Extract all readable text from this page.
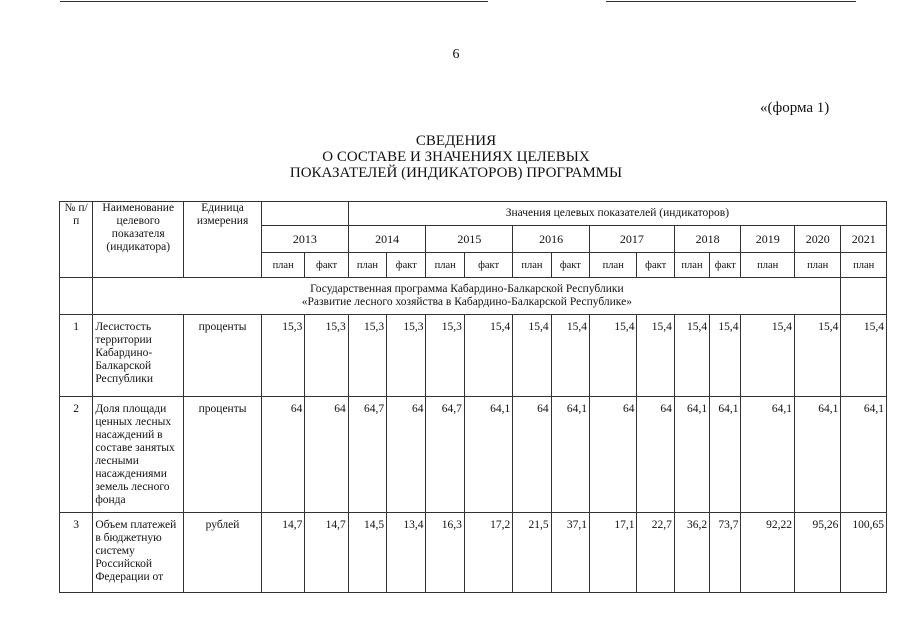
6
«(форма 1)
СВЕДЕНИЯ
О СОСТАВЕ И ЗНАЧЕНИЯХ ЦЕЛЕВЫХ
ПОКАЗАТЕЛЕЙ (ИНДИКАТОРОВ) ПРОГРАММЫ
№ п/п	Наименование целевого показателя (индикатора)	Единица измерения			Значения целевых показателей (индикаторов)												
			2013		2014		2015		2016		2017		2018		2019	2020	2021
			план	факт	план	факт	план	факт	план	факт	план	факт	план	факт	план	план	план

	Государственная программа Кабардино-Балкарской Республики
«Развитие лесного хозяйства в Кабардино-Балкарской Республике»																

1	Лесистость территории Кабардино-Балкарской Республики	проценты	15,3	15,3	15,3	15,3	15,3	15,4	15,4	15,4	15,4	15,4	15,4	15,4	15,4	15,4	15,4
2	Доля площади ценных лесных насаждений в составе занятых лесными насаждениями земель лесного фонда	проценты	64	64	64,7	64	64,7	64,1	64	64,1	64	64	64,1	64,1	64,1	64,1	64,1
3	Объем платежей в бюджетную систему Российской Федерации от	рублей	14,7	14,7	14,5	13,4	16,3	17,2	21,5	37,1	17,1	22,7	36,2	73,7	92,22	95,26	100,65
